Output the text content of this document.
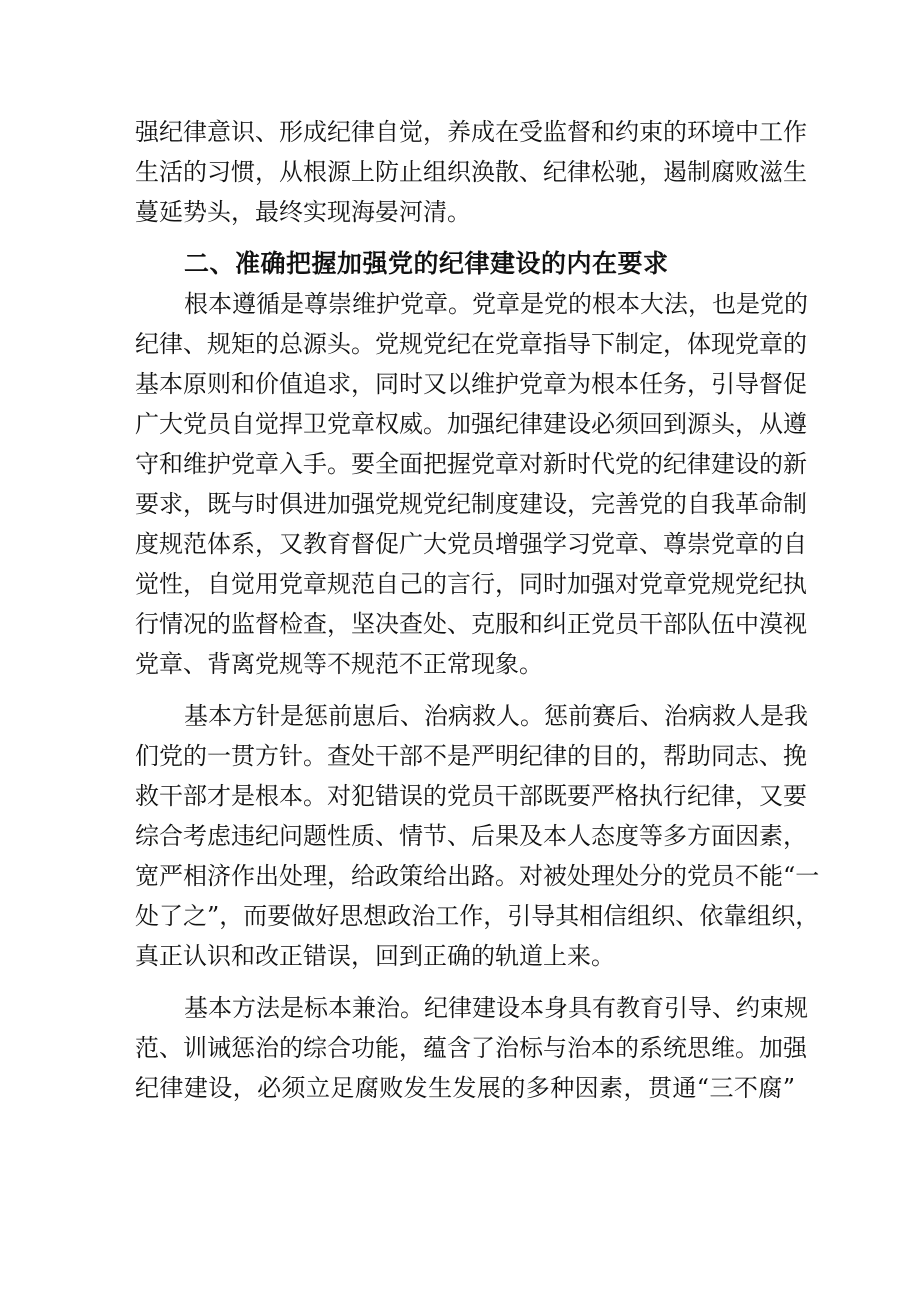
强纪律意识、形成纪律自觉，养成在受监督和约束的环境中工作
生活的习惯，从根源上防止组织涣散、纪律松驰，遏制腐败滋生
蔓延势头，最终实现海晏河清。
二、准确把握加强党的纪律建设的内在要求
根本遵循是尊崇维护党章。党章是党的根本大法，也是党的
纪律、规矩的总源头。党规党纪在党章指导下制定，体现党章的
基本原则和价值追求，同时又以维护党章为根本任务，引导督促
广大党员自觉捍卫党章权威。加强纪律建设必须回到源头，从遵
守和维护党章入手。要全面把握党章对新时代党的纪律建设的新
要求，既与时俱进加强党规党纪制度建设，完善党的自我革命制
度规范体系，又教育督促广大党员增强学习党章、尊崇党章的自
觉性，自觉用党章规范自己的言行，同时加强对党章党规党纪执
行情况的监督检查，坚决查处、克服和纠正党员干部队伍中漠视
党章、背离党规等不规范不正常现象。
基本方针是惩前崽后、治病救人。惩前赛后、治病救人是我
们党的一贯方针。查处干部不是严明纪律的目的，帮助同志、挽
救干部才是根本。对犯错误的党员干部既要严格执行纪律，又要
综合考虑违纪问题性质、情节、后果及本人态度等多方面因素，
宽严相济作出处理，给政策给出路。对被处理处分的党员不能“一
处了之”，而要做好思想政治工作，引导其相信组织、依靠组织，
真正认识和改正错误，回到正确的轨道上来。
基本方法是标本兼治。纪律建设本身具有教育引导、约束规
范、训诫惩治的综合功能，蕴含了治标与治本的系统思维。加强
纪律建设，必须立足腐败发生发展的多种因素，贯通“三不腐”
